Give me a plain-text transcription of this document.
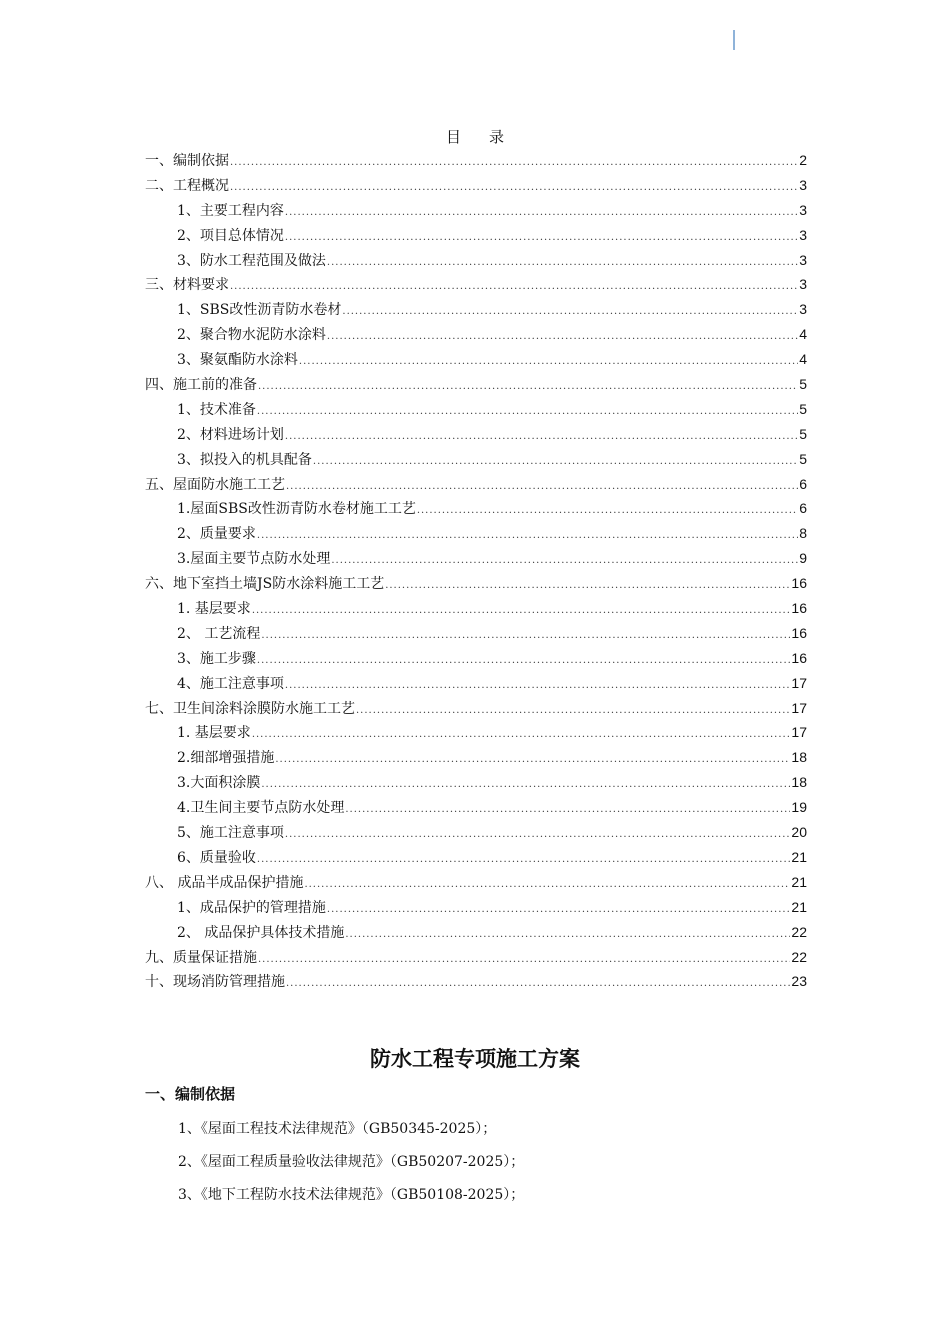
目 录
一、编制依据 .....	2
二、工程概况 .....	3
1、主要工程内容 .....	3
2、项目总体情况 .....	3
3、防水工程范围及做法 .....	3
三、材料要求 .....	3
1、SBS改性沥青防水卷材 .....	3
2、聚合物水泥防水涂料 .....	4
3、聚氨酯防水涂料 .....	4
四、施工前的准备 .....	5
1、技术准备 .....	5
2、材料进场计划 .....	5
3、拟投入的机具配备 .....	5
五、屋面防水施工工艺 .....	6
1.屋面SBS改性沥青防水卷材施工工艺 .....	6
2、质量要求 .....	8
3.屋面主要节点防水处理 .....	9
六、地下室挡土墙JS防水涂料施工工艺 .....	16
1. 基层要求 .....	16
2、 工艺流程 .....	16
3、施工步骤 .....	16
4、施工注意事项 .....	17
七、卫生间涂料涂膜防水施工工艺 .....	17
1. 基层要求 .....	17
2.细部增强措施 .....	18
3.大面积涂膜 .....	18
4.卫生间主要节点防水处理 .....	19
5、施工注意事项 .....	20
6、质量验收 .....	21
八、 成品半成品保护措施 .....	21
1、成品保护的管理措施 .....	21
2、 成品保护具体技术措施 .....	22
九、质量保证措施 .....	22
十、现场消防管理措施 .....	23
防水工程专项施工方案
一、编制依据
1、《屋面工程技术法律规范》（GB50345-2025）；
2、《屋面工程质量验收法律规范》（GB50207-2025）；
3、《地下工程防水技术法律规范》（GB50108-2025）；
